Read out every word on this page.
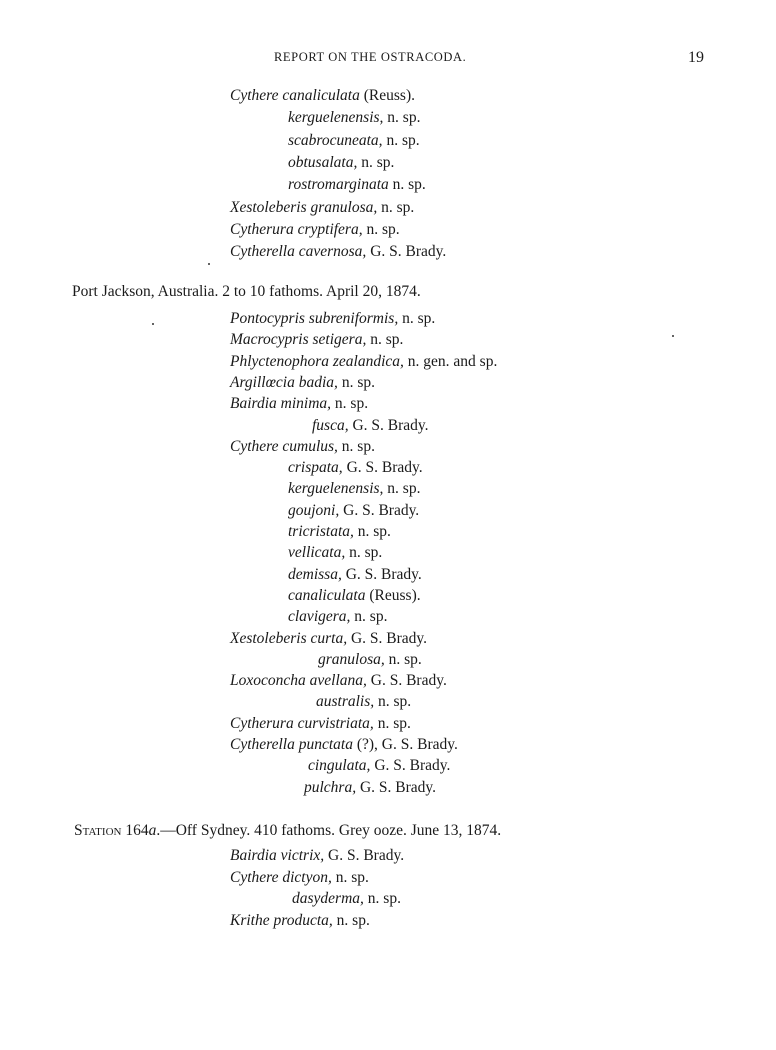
REPORT ON THE OSTRACODA.	19
Cythere canaliculata (Reuss).
kerguelenensis, n. sp.
scabrocuneata, n. sp.
obtusalata, n. sp.
rostromarginata n. sp.
Xestoleberis granulosa, n. sp.
Cytherura cryptifera, n. sp.
Cytherella cavernosa, G. S. Brady.
Port Jackson, Australia. 2 to 10 fathoms. April 20, 1874.
Pontocypris subreniformis, n. sp.
Macrocypris setigera, n. sp.
Phlyctenophora zealandica, n. gen. and sp.
Argillœcia badia, n. sp.
Bairdia minima, n. sp.
fusca, G. S. Brady.
Cythere cumulus, n. sp.
crispata, G. S. Brady.
kerguelenensis, n. sp.
goujoni, G. S. Brady.
tricristata, n. sp.
vellicata, n. sp.
demissa, G. S. Brady.
canaliculata (Reuss).
clavigera, n. sp.
Xestoleberis curta, G. S. Brady.
granulosa, n. sp.
Loxoconcha avellana, G. S. Brady.
australis, n. sp.
Cytherura curvistriata, n. sp.
Cytherella punctata (?), G. S. Brady.
cingulata, G. S. Brady.
pulchra, G. S. Brady.
Station 164a.—Off Sydney. 410 fathoms. Grey ooze. June 13, 1874.
Bairdia victrix, G. S. Brady.
Cythere dictyon, n. sp.
dasyderma, n. sp.
Krithe producta, n. sp.
